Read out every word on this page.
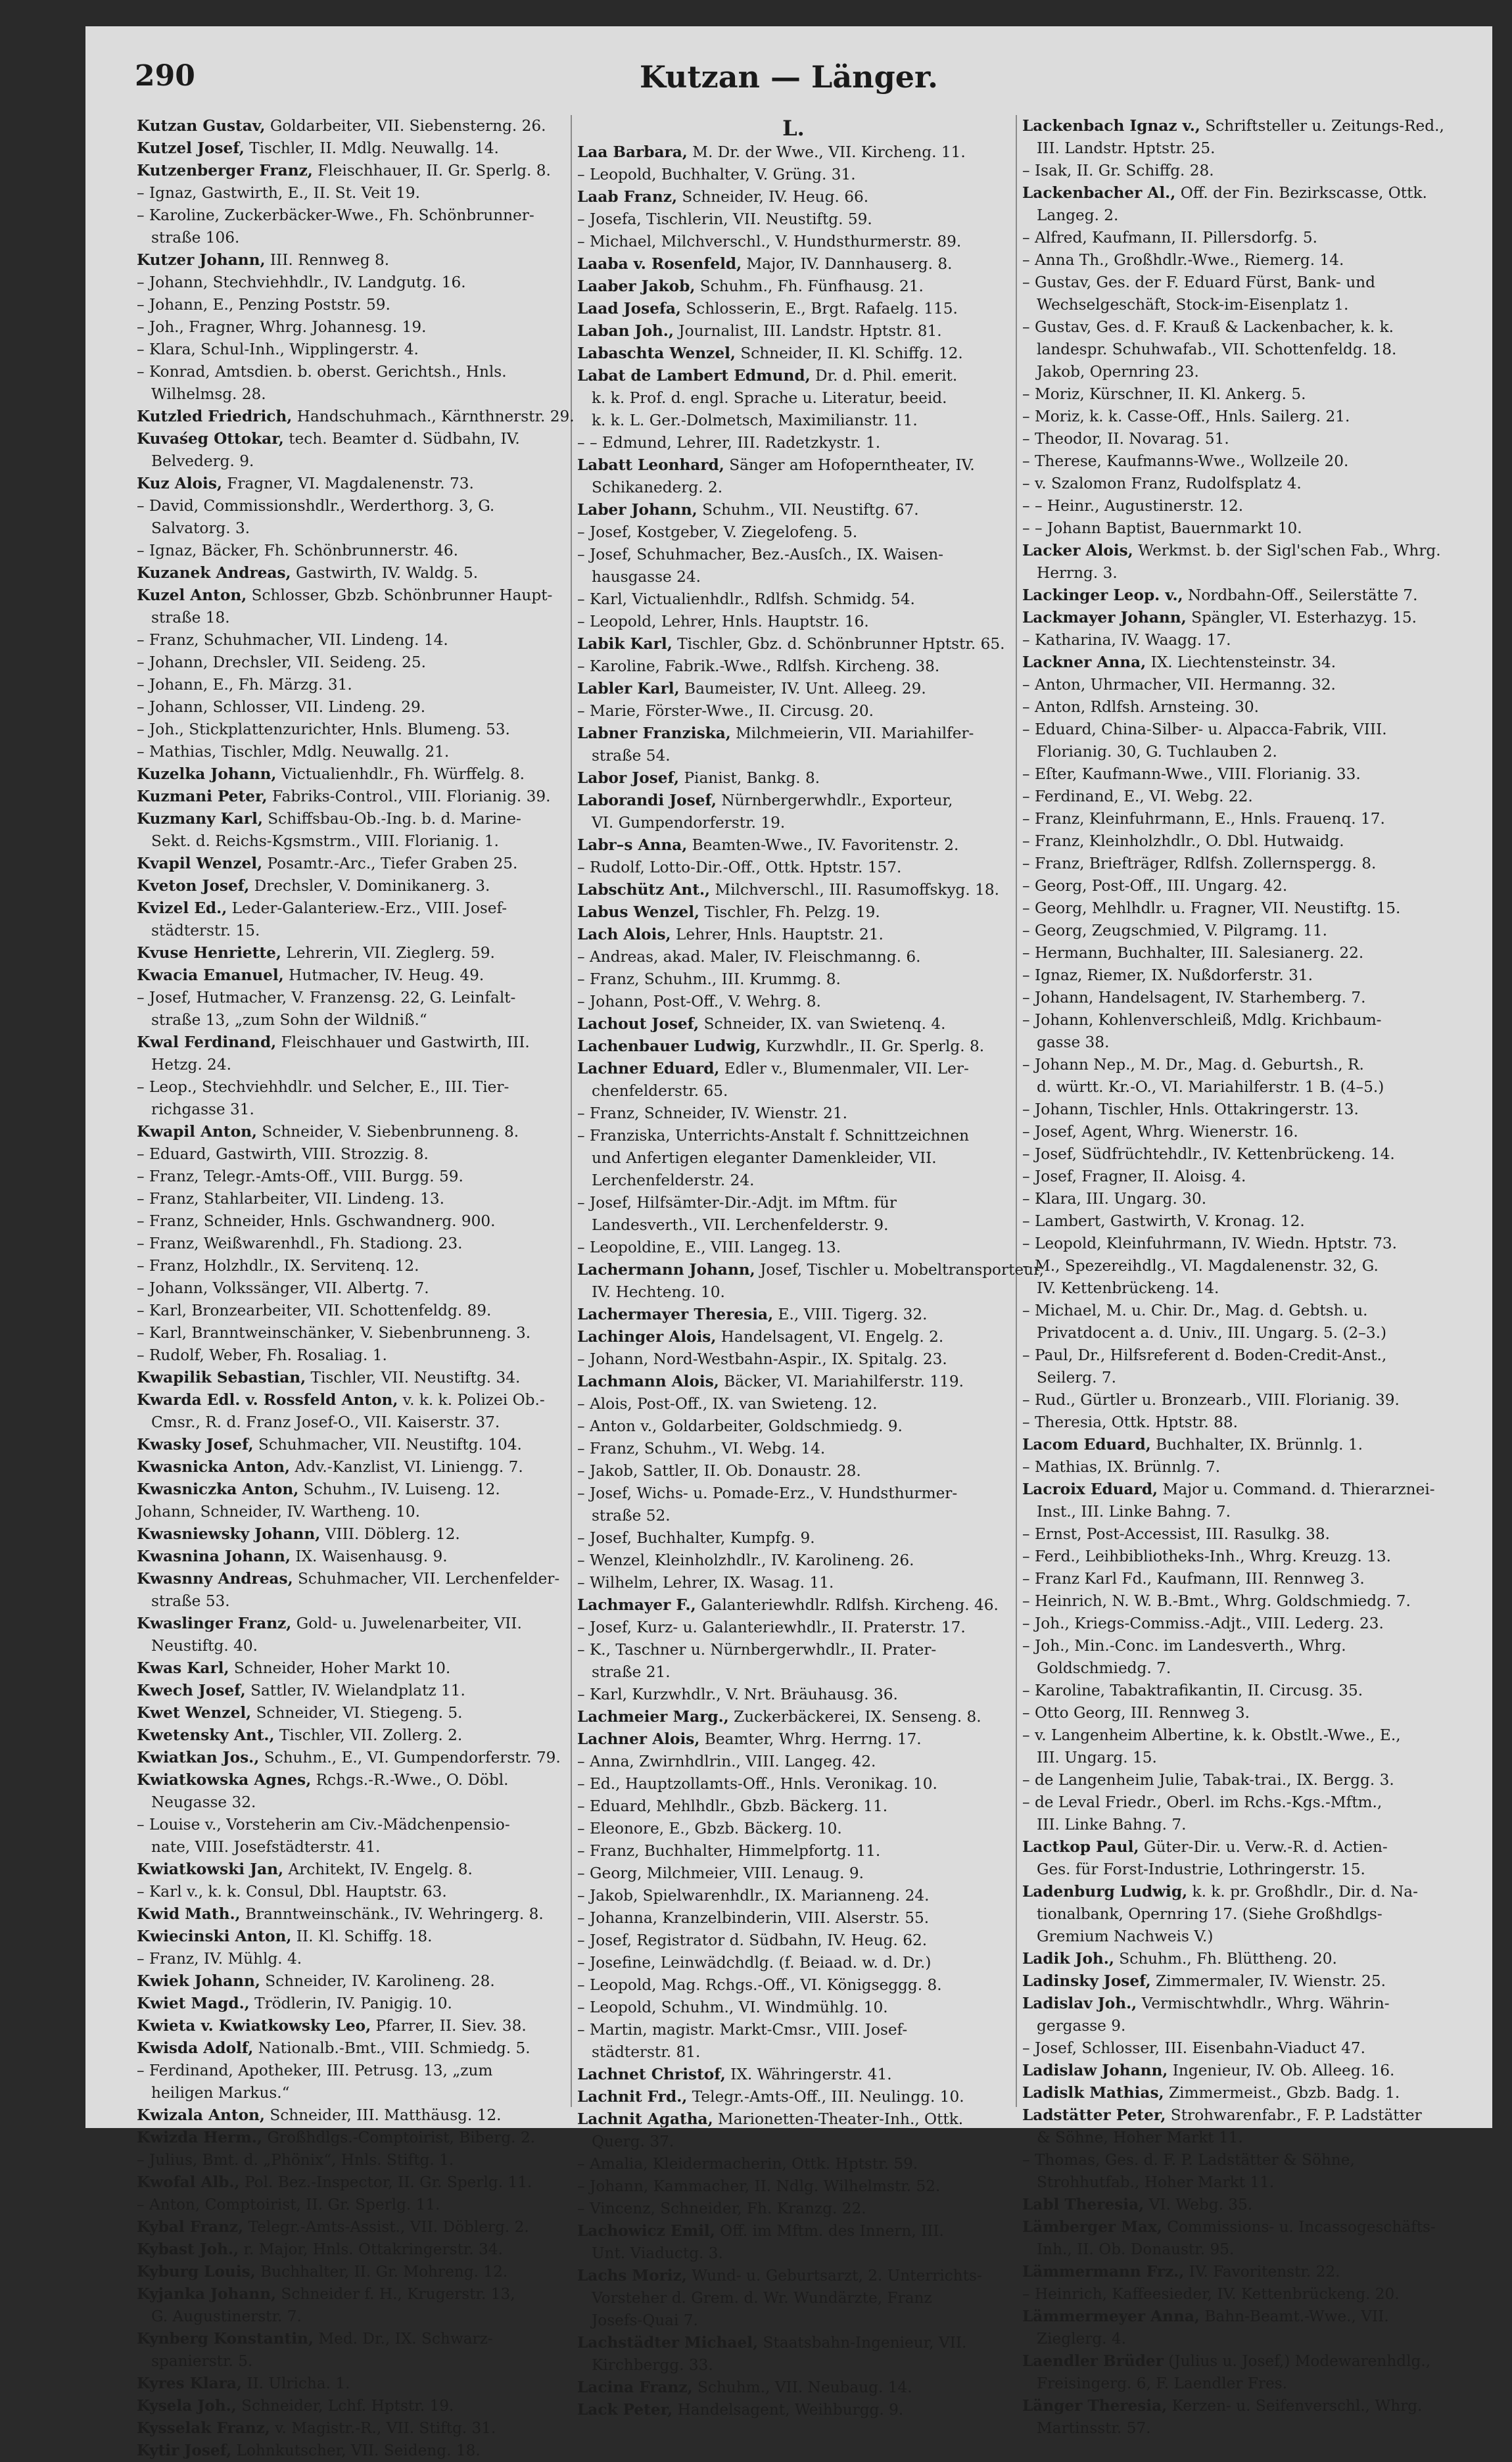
290	Kutzan — Länger.
Kutzan Gustav, Goldarbeiter, VII. Siebensterng. 26.
Kutzel Josef, Tischler, II. Mdlg. Neuwallg. 14.
Kutzenberger Franz, Fleischhauer, II. Gr. Sperlg. 8.
– Ignaz, Gastwirth, E., II. St. Veit 19.
– Karoline, Zuckerbäcker-Wwe., Fh. Schönbrunner-
straße 106.
Kutzer Johann, III. Rennweg 8.
– Johann, Stechviehhdlr., IV. Landgutg. 16.
– Johann, E., Penzing Poststr. 59.
– Joh., Fragner, Whrg. Johannesg. 19.
– Klara, Schul-Inh., Wipplingerstr. 4.
– Konrad, Amtsdien. b. oberst. Gerichtsh., Hnls.
Wilhelmsg. 28.
Kutzled Friedrich, Handschuhmach., Kärnthnerstr. 29.
Kuvaśeg Ottokar, tech. Beamter d. Südbahn, IV.
Belvederg. 9.
Kuz Alois, Fragner, VI. Magdalenenstr. 73.
– David, Commissionshdlr., Werderthorg. 3, G.
Salvatorg. 3.
– Ignaz, Bäcker, Fh. Schönbrunnerstr. 46.
Kuzanek Andreas, Gastwirth, IV. Waldg. 5.
Kuzel Anton, Schlosser, Gbzb. Schönbrunner Haupt-
straße 18.
– Franz, Schuhmacher, VII. Lindeng. 14.
– Johann, Drechsler, VII. Seideng. 25.
– Johann, E., Fh. Märzg. 31.
– Johann, Schlosser, VII. Lindeng. 29.
– Joh., Stickplattenzurichter, Hnls. Blumeng. 53.
– Mathias, Tischler, Mdlg. Neuwallg. 21.
Kuzelka Johann, Victualienhdlr., Fh. Würffelg. 8.
Kuzmani Peter, Fabriks-Control., VIII. Florianig. 39.
Kuzmany Karl, Schiffsbau-Ob.-Ing. b. d. Marine-
Sekt. d. Reichs-Kgsmstrm., VIII. Florianig. 1.
Kvapil Wenzel, Posamtr.-Arc., Tiefer Graben 25.
Kveton Josef, Drechsler, V. Dominikanerg. 3.
Kvizel Ed., Leder-Galanteriew.-Erz., VIII. Josef-
städterstr. 15.
Kvuse Henriette, Lehrerin, VII. Zieglerg. 59.
Kwacia Emanuel, Hutmacher, IV. Heug. 49.
– Josef, Hutmacher, V. Franzensg. 22, G. Leinfalt-
straße 13, „zum Sohn der Wildniß.“
Kwal Ferdinand, Fleischhauer und Gastwirth, III.
Hetzg. 24.
– Leop., Stechviehhdlr. und Selcher, E., III. Tier-
richgasse 31.
Kwapil Anton, Schneider, V. Siebenbrunneng. 8.
– Eduard, Gastwirth, VIII. Strozzig. 8.
– Franz, Telegr.-Amts-Off., VIII. Burgg. 59.
– Franz, Stahlarbeiter, VII. Lindeng. 13.
– Franz, Schneider, Hnls. Gschwandnerg. 900.
– Franz, Weißwarenhdl., Fh. Stadiong. 23.
– Franz, Holzhdlr., IX. Servitenq. 12.
– Johann, Volkssänger, VII. Albertg. 7.
– Karl, Bronzearbeiter, VII. Schottenfeldg. 89.
– Karl, Branntweinschänker, V. Siebenbrunneng. 3.
– Rudolf, Weber, Fh. Rosaliag. 1.
Kwapilik Sebastian, Tischler, VII. Neustiftg. 34.
Kwarda Edl. v. Rossfeld Anton, v. k. k. Polizei Ob.-
Cmsr., R. d. Franz Josef-O., VII. Kaiserstr. 37.
Kwasky Josef, Schuhmacher, VII. Neustiftg. 104.
Kwasnicka Anton, Adv.-Kanzlist, VI. Liniengg. 7.
Kwasniczka Anton, Schuhm., IV. Luiseng. 12.
Johann, Schneider, IV. Wartheng. 10.
Kwasniewsky Johann, VIII. Döblerg. 12.
Kwasnina Johann, IX. Waisenhausg. 9.
Kwasnny Andreas, Schuhmacher, VII. Lerchenfelder-
straße 53.
Kwaslinger Franz, Gold- u. Juwelenarbeiter, VII.
Neustiftg. 40.
Kwas Karl, Schneider, Hoher Markt 10.
Kwech Josef, Sattler, IV. Wielandplatz 11.
Kwet Wenzel, Schneider, VI. Stiegeng. 5.
Kwetensky Ant., Tischler, VII. Zollerg. 2.
Kwiatkan Jos., Schuhm., E., VI. Gumpendorferstr. 79.
Kwiatkowska Agnes, Rchgs.-R.-Wwe., O. Döbl.
Neugasse 32.
– Louise v., Vorsteherin am Civ.-Mädchenpensio-
nate, VIII. Josefstädterstr. 41.
Kwiatkowski Jan, Architekt, IV. Engelg. 8.
– Karl v., k. k. Consul, Dbl. Hauptstr. 63.
Kwid Math., Branntweinschänk., IV. Wehringerg. 8.
Kwiecinski Anton, II. Kl. Schiffg. 18.
– Franz, IV. Mühlg. 4.
Kwiek Johann, Schneider, IV. Karolineng. 28.
Kwiet Magd., Trödlerin, IV. Panigig. 10.
Kwieta v. Kwiatkowsky Leo, Pfarrer, II. Siev. 38.
Kwisda Adolf, Nationalb.-Bmt., VIII. Schmiedg. 5.
– Ferdinand, Apotheker, III. Petrusg. 13, „zum
heiligen Markus.“
Kwizala Anton, Schneider, III. Matthäusg. 12.
Kwizda Herm., Großhdlgs.-Comptoirist, Biberg. 2.
– Julius, Bmt. d. „Phönix“, Hnls. Stiftg. 1.
Kwofal Alb., Pol. Bez.-Inspector, II. Gr. Sperlg. 11.
– Anton, Comptoirist, II. Gr. Sperlg. 11.
Kybal Franz, Telegr.-Amts-Assist., VII. Döblerg. 2.
Kybast Joh., r. Major, Hnls. Ottakringerstr. 34.
Kyburg Louis, Buchhalter, II. Gr. Mohreng. 12.
Kyjanka Johann, Schneider f. H., Krugerstr. 13,
G. Augustinerstr. 7.
Kynberg Konstantin, Med. Dr., IX. Schwarz-
spanierstr. 5.
Kyres Klara, II. Ulricha. 1.
Kysela Joh., Schneider, Lchf. Hptstr. 19.
Kysselak Franz, v. Magistr.-R., VII. Stiftg. 31.
Kytir Josef, Lohnkutscher, VII. Seideng. 18.
L.
Laa Barbara, M. Dr. der Wwe., VII. Kircheng. 11.
– Leopold, Buchhalter, V. Grüng. 31.
Laab Franz, Schneider, IV. Heug. 66.
– Josefa, Tischlerin, VII. Neustiftg. 59.
– Michael, Milchverschl., V. Hundsthurmerstr. 89.
Laaba v. Rosenfeld, Major, IV. Dannhauserg. 8.
Laaber Jakob, Schuhm., Fh. Fünfhausg. 21.
Laad Josefa, Schlosserin, E., Brgt. Rafaelg. 115.
Laban Joh., Journalist, III. Landstr. Hptstr. 81.
Labaschta Wenzel, Schneider, II. Kl. Schiffg. 12.
Labat de Lambert Edmund, Dr. d. Phil. emerit.
k. k. Prof. d. engl. Sprache u. Literatur, beeid.
k. k. L. Ger.-Dolmetsch, Maximilianstr. 11.
– – Edmund, Lehrer, III. Radetzkystr. 1.
Labatt Leonhard, Sänger am Hofoperntheater, IV.
Schikanederg. 2.
Laber Johann, Schuhm., VII. Neustiftg. 67.
– Josef, Kostgeber, V. Ziegelofeng. 5.
– Josef, Schuhmacher, Bez.-Ausſch., IX. Waisen-
hausgasse 24.
– Karl, Victualienhdlr., Rdlfsh. Schmidg. 54.
– Leopold, Lehrer, Hnls. Hauptstr. 16.
Labik Karl, Tischler, Gbz. d. Schönbrunner Hptstr. 65.
– Karoline, Fabrik.-Wwe., Rdlfsh. Kircheng. 38.
Labler Karl, Baumeister, IV. Unt. Alleeg. 29.
– Marie, Förster-Wwe., II. Circusg. 20.
Labner Franziska, Milchmeierin, VII. Mariahilfer-
straße 54.
Labor Josef, Pianist, Bankg. 8.
Laborandi Josef, Nürnbergerwhdlr., Exporteur,
VI. Gumpendorferstr. 19.
Labr–s Anna, Beamten-Wwe., IV. Favoritenstr. 2.
– Rudolf, Lotto-Dir.-Off., Ottk. Hptstr. 157.
Labschütz Ant., Milchverschl., III. Rasumoffskyg. 18.
Labus Wenzel, Tischler, Fh. Pelzg. 19.
Lach Alois, Lehrer, Hnls. Hauptstr. 21.
– Andreas, akad. Maler, IV. Fleischmanng. 6.
– Franz, Schuhm., III. Krummg. 8.
– Johann, Post-Off., V. Wehrg. 8.
Lachout Josef, Schneider, IX. van Swietenq. 4.
Lachenbauer Ludwig, Kurzwhdlr., II. Gr. Sperlg. 8.
Lachner Eduard, Edler v., Blumenmaler, VII. Ler-
chenfelderstr. 65.
– Franz, Schneider, IV. Wienstr. 21.
– Franziska, Unterrichts-Anstalt f. Schnittzeichnen
und Anfertigen eleganter Damenkleider, VII.
Lerchenfelderstr. 24.
– Josef, Hilfsämter-Dir.-Adjt. im Mftm. für
Landesverth., VII. Lerchenfelderstr. 9.
– Leopoldine, E., VIII. Langeg. 13.
Lachermann Johann, Josef, Tischler u. Mobeltransporteur,
IV. Hechteng. 10.
Lachermayer Theresia, E., VIII. Tigerg. 32.
Lachinger Alois, Handelsagent, VI. Engelg. 2.
– Johann, Nord-Westbahn-Aspir., IX. Spitalg. 23.
Lachmann Alois, Bäcker, VI. Mariahilferstr. 119.
– Alois, Post-Off., IX. van Swieteng. 12.
– Anton v., Goldarbeiter, Goldschmiedg. 9.
– Franz, Schuhm., VI. Webg. 14.
– Jakob, Sattler, II. Ob. Donaustr. 28.
– Josef, Wichs- u. Pomade-Erz., V. Hundsthurmer-
straße 52.
– Josef, Buchhalter, Kumpfg. 9.
– Wenzel, Kleinholzhdlr., IV. Karolineng. 26.
– Wilhelm, Lehrer, IX. Wasag. 11.
Lachmayer F., Galanteriewhdlr. Rdlfsh. Kircheng. 46.
– Josef, Kurz- u. Galanteriewhdlr., II. Praterstr. 17.
– K., Taschner u. Nürnbergerwhdlr., II. Prater-
straße 21.
– Karl, Kurzwhdlr., V. Nrt. Bräuhausg. 36.
Lachmeier Marg., Zuckerbäckerei, IX. Senseng. 8.
Lachner Alois, Beamter, Whrg. Herrng. 17.
– Anna, Zwirnhdlrin., VIII. Langeg. 42.
– Ed., Hauptzollamts-Off., Hnls. Veronikag. 10.
– Eduard, Mehlhdlr., Gbzb. Bäckerg. 11.
– Eleonore, E., Gbzb. Bäckerg. 10.
– Franz, Buchhalter, Himmelpfortg. 11.
– Georg, Milchmeier, VIII. Lenaug. 9.
– Jakob, Spielwarenhdlr., IX. Marianneng. 24.
– Johanna, Kranzelbinderin, VIII. Alserstr. 55.
– Josef, Registrator d. Südbahn, IV. Heug. 62.
– Josefine, Leinwädchdlg. (f. Beiaad. w. d. Dr.)
– Leopold, Mag. Rchgs.-Off., VI. Königseggg. 8.
– Leopold, Schuhm., VI. Windmühlg. 10.
– Martin, magistr. Markt-Cmsr., VIII. Josef-
städterstr. 81.
Lachnet Christof, IX. Währingerstr. 41.
Lachnit Frd., Telegr.-Amts-Off., III. Neulingg. 10.
Lachnit Agatha, Marionetten-Theater-Inh., Ottk.
Querg. 37.
– Amalia, Kleidermacherin, Ottk. Hptstr. 59.
– Johann, Kammacher, II. Ndlg. Wilhelmstr. 52.
– Vincenz, Schneider, Fh. Kranzg. 22.
Lachowicz Emil, Off. im Mftm. des Innern, III.
Unt. Viaductg. 3.
Lachs Moriz, Wund- u. Geburtsarzt, 2. Unterrichts-
Vorsteher d. Grem. d. Wr. Wundärzte, Franz
Josefs-Quai 7.
Lachstädter Michael, Staatsbahn-Ingenieur, VII.
Kirchbergg. 33.
Lacina Franz, Schuhm., VII. Neubaug. 14.
Lack Peter, Handelsagent, Weihburgg. 9.
Lackenbach Ignaz v., Schriftsteller u. Zeitungs-Red.,
III. Landstr. Hptstr. 25.
– Isak, II. Gr. Schiffg. 28.
Lackenbacher Al., Off. der Fin. Bezirkscasse, Ottk.
Langeg. 2.
– Alfred, Kaufmann, II. Pillersdorfg. 5.
– Anna Th., Großhdlr.-Wwe., Riemerg. 14.
– Gustav, Ges. der F. Eduard Fürst, Bank- und
Wechselgeschäft, Stock-im-Eisenplatz 1.
– Gustav, Ges. d. F. Krauß & Lackenbacher, k. k.
landespr. Schuhwafab., VII. Schottenfeldg. 18.
Jakob, Opernring 23.
– Moriz, Kürschner, II. Kl. Ankerg. 5.
– Moriz, k. k. Casse-Off., Hnls. Sailerg. 21.
– Theodor, II. Novarag. 51.
– Therese, Kaufmanns-Wwe., Wollzeile 20.
– v. Szalomon Franz, Rudolfsplatz 4.
– – Heinr., Augustinerstr. 12.
– – Johann Baptist, Bauernmarkt 10.
Lacker Alois, Werkmst. b. der Sigl'schen Fab., Whrg.
Herrng. 3.
Lackinger Leop. v., Nordbahn-Off., Seilerstätte 7.
Lackmayer Johann, Spängler, VI. Esterhazyg. 15.
– Katharina, IV. Waagg. 17.
Lackner Anna, IX. Liechtensteinstr. 34.
– Anton, Uhrmacher, VII. Hermanng. 32.
– Anton, Rdlfsh. Arnsteing. 30.
– Eduard, China-Silber- u. Alpacca-Fabrik, VIII.
Florianig. 30, G. Tuchlauben 2.
– Eſter, Kaufmann-Wwe., VIII. Florianig. 33.
– Ferdinand, E., VI. Webg. 22.
– Franz, Kleinfuhrmann, E., Hnls. Frauenq. 17.
– Franz, Kleinholzhdlr., O. Dbl. Hutwaidg.
– Franz, Briefträger, Rdlfsh. Zollernspergg. 8.
– Georg, Post-Off., III. Ungarg. 42.
– Georg, Mehlhdlr. u. Fragner, VII. Neustiftg. 15.
– Georg, Zeugschmied, V. Pilgramg. 11.
– Hermann, Buchhalter, III. Salesianerg. 22.
– Ignaz, Riemer, IX. Nußdorferstr. 31.
– Johann, Handelsagent, IV. Starhemberg. 7.
– Johann, Kohlenverschleiß, Mdlg. Krichbaum-
gasse 38.
– Johann Nep., M. Dr., Mag. d. Geburtsh., R.
d. württ. Kr.-O., VI. Mariahilferstr. 1 B. (4–5.)
– Johann, Tischler, Hnls. Ottakringerstr. 13.
– Josef, Agent, Whrg. Wienerstr. 16.
– Josef, Südfrüchtehdlr., IV. Kettenbrückeng. 14.
– Josef, Fragner, II. Aloisg. 4.
– Klara, III. Ungarg. 30.
– Lambert, Gastwirth, V. Kronag. 12.
– Leopold, Kleinfuhrmann, IV. Wiedn. Hptstr. 73.
– M., Spezereihdlg., VI. Magdalenenstr. 32, G.
IV. Kettenbrückeng. 14.
– Michael, M. u. Chir. Dr., Mag. d. Gebtsh. u.
Privatdocent a. d. Univ., III. Ungarg. 5. (2–3.)
– Paul, Dr., Hilfsreferent d. Boden-Credit-Anst.,
Seilerg. 7.
– Rud., Gürtler u. Bronzearb., VIII. Florianig. 39.
– Theresia, Ottk. Hptstr. 88.
Lacom Eduard, Buchhalter, IX. Brünnlg. 1.
– Mathias, IX. Brünnlg. 7.
Lacroix Eduard, Major u. Command. d. Thierarznei-
Inst., III. Linke Bahng. 7.
– Ernst, Post-Accessist, III. Rasulkg. 38.
– Ferd., Leihbibliotheks-Inh., Whrg. Kreuzg. 13.
– Franz Karl Fd., Kaufmann, III. Rennweg 3.
– Heinrich, N. W. B.-Bmt., Whrg. Goldschmiedg. 7.
– Joh., Kriegs-Commiss.-Adjt., VIII. Lederg. 23.
– Joh., Min.-Conc. im Landesverth., Whrg.
Goldschmiedg. 7.
– Karoline, Tabaktrafikantin, II. Circusg. 35.
– Otto Georg, III. Rennweg 3.
– v. Langenheim Albertine, k. k. Obstlt.-Wwe., E.,
III. Ungarg. 15.
– de Langenheim Julie, Tabak-trai., IX. Bergg. 3.
– de Leval Friedr., Oberl. im Rchs.-Kgs.-Mftm.,
III. Linke Bahng. 7.
Lactkop Paul, Güter-Dir. u. Verw.-R. d. Actien-
Ges. für Forst-Industrie, Lothringerstr. 15.
Ladenburg Ludwig, k. k. pr. Großhdlr., Dir. d. Na-
tionalbank, Opernring 17. (Siehe Großhdlgs-
Gremium Nachweis V.)
Ladik Joh., Schuhm., Fh. Blüttheng. 20.
Ladinsky Josef, Zimmermaler, IV. Wienstr. 25.
Ladislav Joh., Vermischtwhdlr., Whrg. Währin-
gergasse 9.
– Josef, Schlosser, III. Eisenbahn-Viaduct 47.
Ladislaw Johann, Ingenieur, IV. Ob. Alleeg. 16.
Ladislk Mathias, Zimmermeist., Gbzb. Badg. 1.
Ladstätter Peter, Strohwarenfabr., F. P. Ladstätter
& Söhne, Hoher Markt 11.
– Thomas, Ges. d. F. P. Ladstätter & Söhne,
Strohhutfab., Hoher Markt 11.
Labl Theresia, VI. Webg. 35.
Lämberger Max, Commissions- u. Incassogeschäfts-
Inh., II. Ob. Donaustr. 95.
Lämmermann Frz., IV. Favoritenstr. 22.
– Heinrich, Kaffeesieder, IV. Kettenbrückeng. 20.
Lämmermeyer Anna, Bahn-Beamt.-Wwe., VII.
Zieglerg. 4.
Laendler Brüder (Julius u. Josef,) Modewarenhdlg.,
Freisingerg. 6, F. Laendler Fres.
Länger Theresia, Kerzen- u. Seifenverschl., Whrg.
Martinsstr. 57.
